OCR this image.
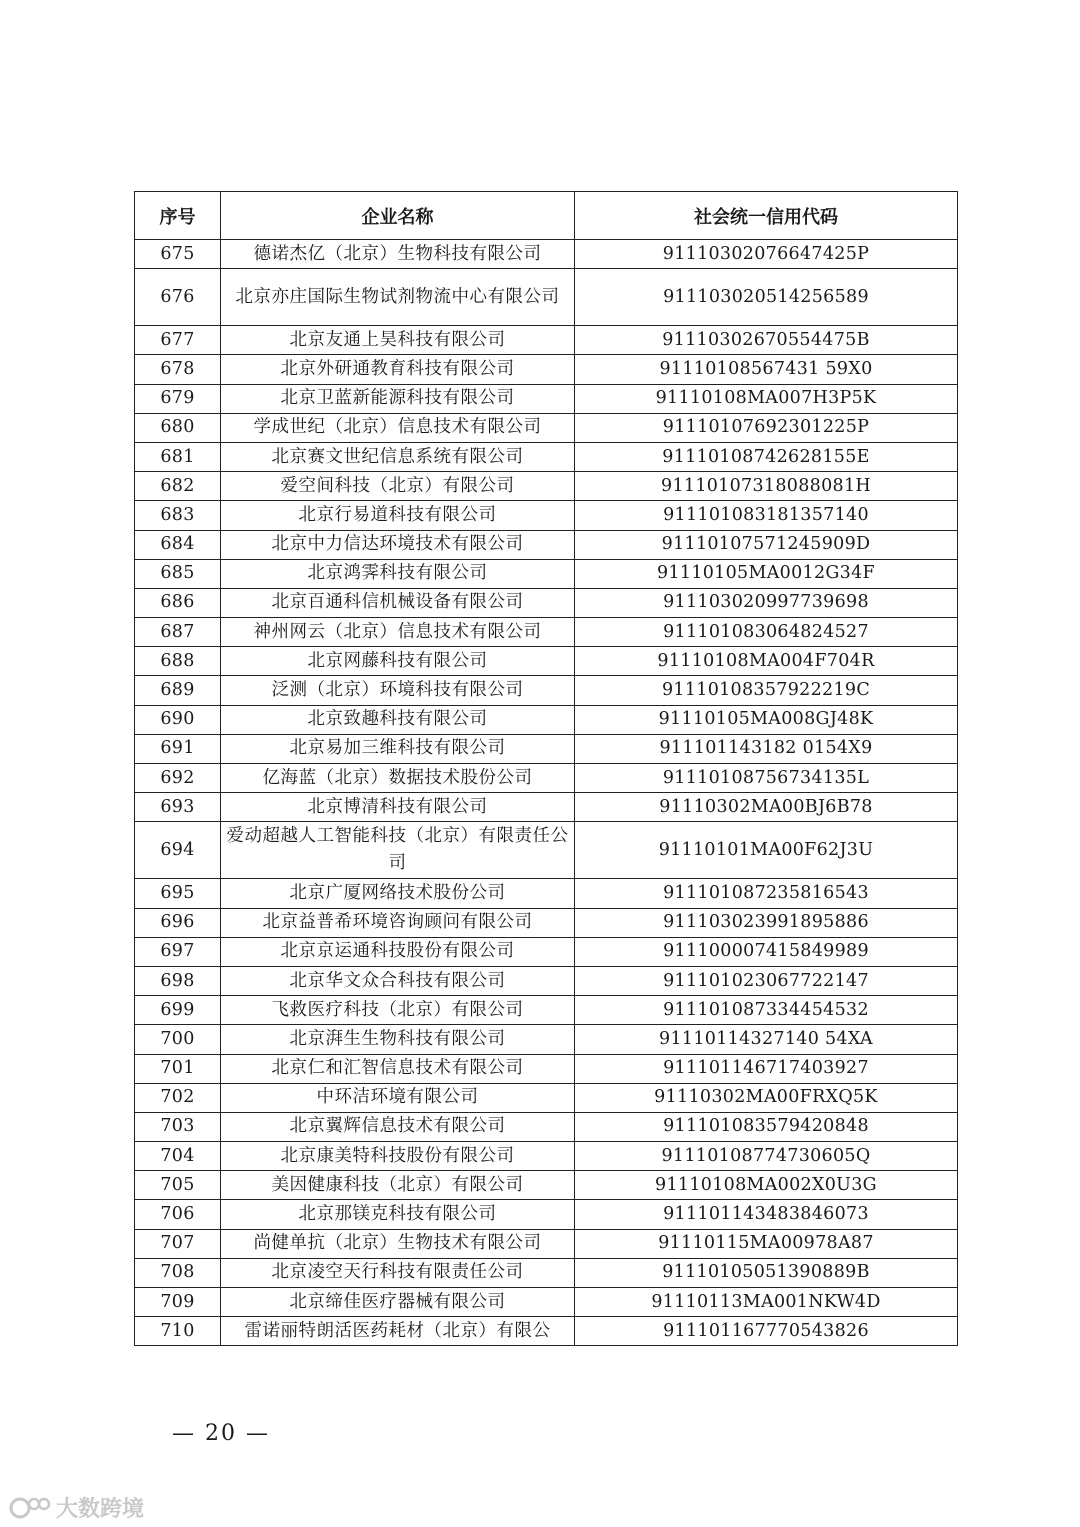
序号	企业名称	社会统一信用代码
675	德诺杰亿（北京）生物科技有限公司	91110302076647425P
676	北京亦庄国际生物试剂物流中心有限公司	911103020514256589
677	北京友通上昊科技有限公司	91110302670554475B
678	北京外研通教育科技有限公司	91110108567431 59X0
679	北京卫蓝新能源科技有限公司	91110108MA007H3P5K
680	学成世纪（北京）信息技术有限公司	91110107692301225P
681	北京赛文世纪信息系统有限公司	91110108742628155E
682	爱空间科技（北京）有限公司	91110107318088081H
683	北京行易道科技有限公司	911101083181357140
684	北京中力信达环境技术有限公司	91110107571245909D
685	北京鸿霁科技有限公司	91110105MA0012G34F
686	北京百通科信机械设备有限公司	911103020997739698
687	神州网云（北京）信息技术有限公司	911101083064824527
688	北京网藤科技有限公司	91110108MA004F704R
689	泛测（北京）环境科技有限公司	91110108357922219C
690	北京致趣科技有限公司	91110105MA008GJ48K
691	北京易加三维科技有限公司	911101143182 0154X9
692	亿海蓝（北京）数据技术股份公司	91110108756734135L
693	北京博清科技有限公司	91110302MA00BJ6B78
694	爱动超越人工智能科技（北京）有限责任公司	91110101MA00F62J3U
695	北京广厦网络技术股份公司	911101087235816543
696	北京益普希环境咨询顾问有限公司	911103023991895886
697	北京京运通科技股份有限公司	911100007415849989
698	北京华文众合科技有限公司	911101023067722147
699	飞救医疗科技（北京）有限公司	911101087334454532
700	北京湃生生物科技有限公司	91110114327140 54XA
701	北京仁和汇智信息技术有限公司	911101146717403927
702	中环洁环境有限公司	91110302MA00FRXQ5K
703	北京翼辉信息技术有限公司	911101083579420848
704	北京康美特科技股份有限公司	91110108774730605Q
705	美因健康科技（北京）有限公司	91110108MA002X0U3G
706	北京那镁克科技有限公司	911101143483846073
707	尚健单抗（北京）生物技术有限公司	91110115MA00978A87
708	北京凌空天行科技有限责任公司	91110105051390889B
709	北京缔佳医疗器械有限公司	91110113MA001NKW4D
710	雷诺丽特朗活医药耗材（北京）有限公	911101167770543826
— 20 —
大数跨境
